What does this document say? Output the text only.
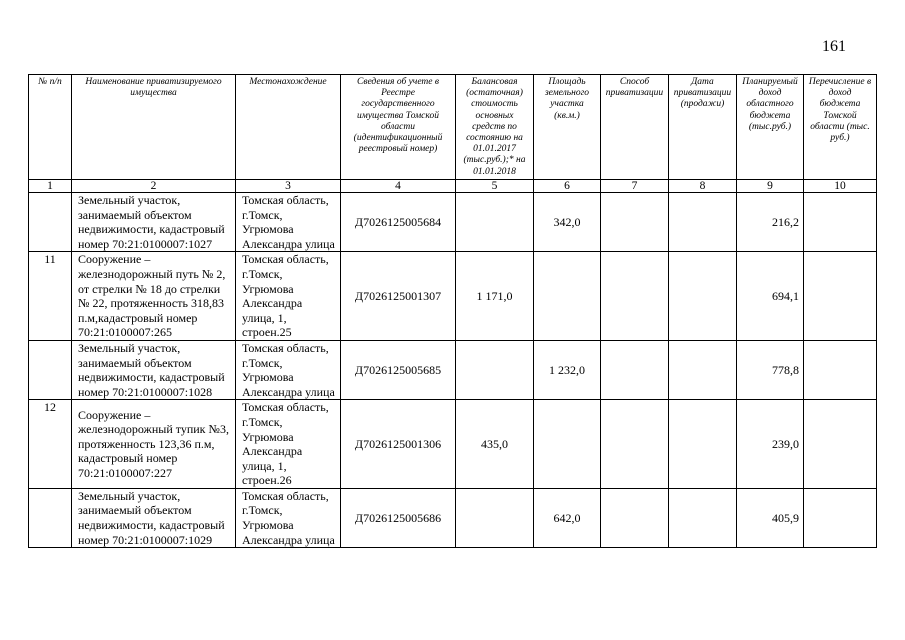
161
№ п/п	Наименование приватизируемого имущества	Местонахождение	Сведения об учете в Реестре государственного имущества Томской области (идентификационный реестровый номер)	Балансовая (остаточная) стоимость основных средств по состоянию на 01.01.2017 (тыс.руб.);* на 01.01.2018	Площадь земельного участка (кв.м.)	Способ приватизации	Дата приватизации (продажи)	Планируемый доход областного бюджета (тыс.руб.)	Перечисление в доход бюджета Томской области (тыс. руб.)
1	2	3	4	5	6	7	8	9	10
	Земельный участок, занимаемый объектом недвижимости, кадастровый номер 70:21:0100007:1027	Томская область, г.Томск, Угрюмова Александра улица	Д7026125005684		342,0			216,2	
11	Сооружение – железнодорожный путь № 2, от стрелки № 18 до стрелки № 22, протяженность 318,83 п.м,кадастровый номер 70:21:0100007:265	Томская область, г.Томск, Угрюмова Александра улица, 1, строен.25	Д7026125001307	1 171,0				694,1	
	Земельный участок, занимаемый объектом недвижимости, кадастровый номер 70:21:0100007:1028	Томская область, г.Томск, Угрюмова Александра улица	Д7026125005685		1 232,0			778,8	
12	Сооружение – железнодорожный тупик №3, протяженность 123,36 п.м, кадастровый номер 70:21:0100007:227	Томская область, г.Томск, Угрюмова Александра улица, 1, строен.26	Д7026125001306	435,0				239,0	
	Земельный участок, занимаемый объектом недвижимости, кадастровый номер 70:21:0100007:1029	Томская область, г.Томск, Угрюмова Александра улица	Д7026125005686		642,0			405,9	
